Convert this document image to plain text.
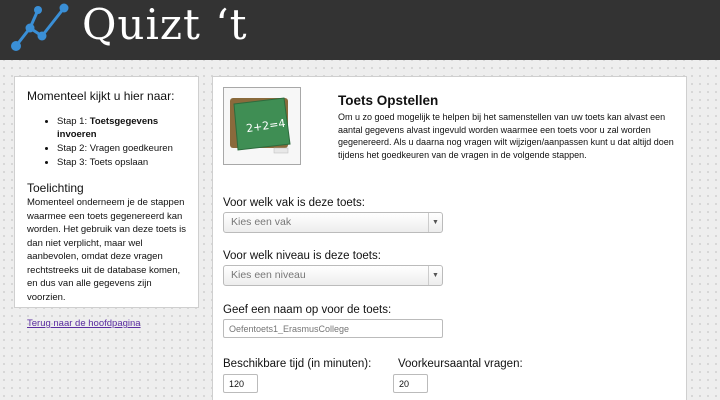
Quizt ‘t
Momenteel kijkt u hier naar:
• Stap 1: Toetsgegevens invoeren
• Stap 2: Vragen goedkeuren
• Stap 3: Toets opslaan
Toelichting
Momenteel onderneem je de stappen waarmee een toets gegenereerd kan worden. Het gebruik van deze toets is dan niet verplicht, maar wel aanbevolen, omdat deze vragen rechtstreeks uit de database komen, en dus van alle gegevens zijn voorzien.
Terug naar de hoofdpagina
2+2=4
Toets Opstellen
Om u zo goed mogelijk te helpen bij het samenstellen van uw toets kan alvast een aantal gegevens alvast ingevuld worden waarmee een toets voor u zal worden gegenereerd. Als u daarna nog vragen wilt wijzigen/aanpassen kunt u dat altijd doen tijdens het goedkeuren van de vragen in de volgende stappen.
Voor welk vak is deze toets:
Kies een vak	▼
Voor welk niveau is deze toets:
Kies een niveau	▼
Geef een naam op voor de toets:
Oefentoets1_ErasmusCollege
Beschikbare tijd (in minuten):
120 Voorkeursaantal vragen:
20
